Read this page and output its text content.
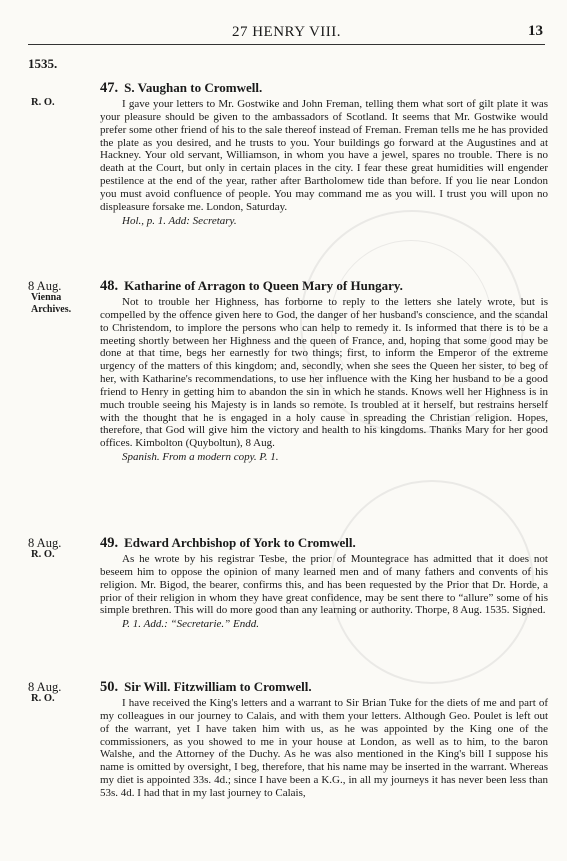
27 HENRY VIII.	13
1535.
R. O.

47. S. Vaughan to Cromwell.

I gave your letters to Mr. Gostwike and John Freman, telling them what sort of gilt plate it was your pleasure should be given to the ambassadors of Scotland. It seems that Mr. Gostwike would prefer some other friend of his to the sale thereof instead of Freman. Freman tells me he has provided the plate as you desired, and he trusts to you. Your buildings go forward at the Augustines and at Hackney. Your old servant, Williamson, in whom you have a jewel, spares no trouble. There is no death at the Court, but only in certain places in the city. I fear these great humidities will engender pestilence at the end of the year, rather after Bartholomew tide than before. If you lie near London you must avoid confluence of people. You may command me as you will. I trust you will upon no displeasure forsake me. London, Saturday.

Hol., p. 1. Add: Secretary.

8 Aug.
Vienna
Archives.

48. Katharine of Arragon to Queen Mary of Hungary.

Not to trouble her Highness, has forborne to reply to the letters she lately wrote, but is compelled by the offence given here to God, the danger of her husband's conscience, and the scandal to Christendom, to implore the persons who can help to remedy it. Is informed that there is to be a meeting shortly between her Highness and the queen of France, and, hoping that some good may be done at that time, begs her earnestly for two things; first, to inform the Emperor of the extreme urgency of the matters of this kingdom; and, secondly, when she sees the Queen her sister, to beg of her, with Katharine's recommendations, to use her influence with the King her husband to be a good friend to Henry in getting him to abandon the sin in which he stands. Knows well her Highness is in much trouble seeing his Majesty is in lands so remote. Is troubled at it herself, but restrains herself with the thought that he is engaged in a holy cause in spreading the Christian religion. Hopes, therefore, that God will give him the victory and health to his kingdoms. Thanks Mary for her good offices. Kimbolton (Quyboltun), 8 Aug.

Spanish. From a modern copy. P. 1.

8 Aug.
R. O.

49. Edward Archbishop of York to Cromwell.

As he wrote by his registrar Tesbe, the prior of Mountegrace has admitted that it does not beseem him to oppose the opinion of many learned men and of many fathers and convents of his religion. Mr. Bigod, the bearer, confirms this, and has been requested by the Prior that Dr. Horde, a prior of their religion in whom they have great confidence, may be sent there to “allure” some of his simple brethren. This will do more good than any learning or authority. Thorpe, 8 Aug. 1535. Signed.

P. 1. Add.: “Secretarie.” Endd.

8 Aug.
R. O.

50. Sir Will. Fitzwilliam to Cromwell.

I have received the King's letters and a warrant to Sir Brian Tuke for the diets of me and part of my colleagues in our journey to Calais, and with them your letters. Although Geo. Poulet is left out of the warrant, yet I have taken him with us, as he was appointed by the King one of the commissioners, as you showed to me in your house at London, as well as to him, to the baron Walshe, and the Attorney of the Duchy. As he was also mentioned in the King's bill I suppose his name is omitted by oversight, I beg, therefore, that his name may be inserted in the warrant. Whereas my diet is appointed 33s. 4d.; since I have been a K.G., in all my journeys it has never been less than 53s. 4d. I had that in my last journey to Calais,
